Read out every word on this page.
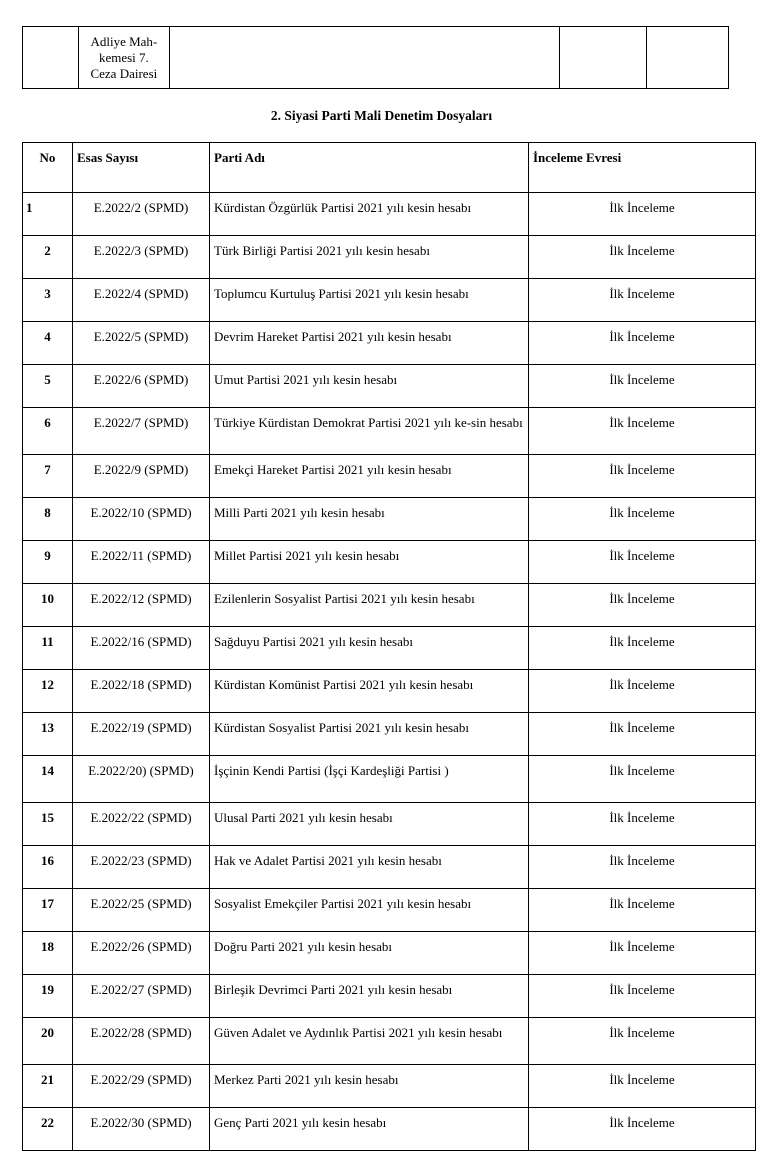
Adliye Mah-
kemesi 7.
Ceza Dairesi

2. Siyasi Parti Mali Denetim Dosyaları
No	Esas Sayısı	Parti Adı	İnceleme Evresi
1	E.2022/2 (SPMD)	Kürdistan Özgürlük Partisi 2021 yılı kesin hesabı	İlk İnceleme
2	E.2022/3 (SPMD)	Türk Birliği Partisi 2021 yılı kesin hesabı	İlk İnceleme
3	E.2022/4 (SPMD)	Toplumcu Kurtuluş Partisi 2021 yılı kesin hesabı	İlk İnceleme
4	E.2022/5 (SPMD)	Devrim Hareket Partisi 2021 yılı kesin hesabı	İlk İnceleme
5	E.2022/6 (SPMD)	Umut Partisi 2021 yılı kesin hesabı	İlk İnceleme
6	E.2022/7 (SPMD)	Türkiye Kürdistan Demokrat Partisi 2021 yılı ke-sin hesabı	İlk İnceleme
7	E.2022/9 (SPMD)	Emekçi Hareket Partisi 2021 yılı kesin hesabı	İlk İnceleme
8	E.2022/10 (SPMD)	Milli Parti 2021 yılı kesin hesabı	İlk İnceleme
9	E.2022/11 (SPMD)	Millet Partisi 2021 yılı kesin hesabı	İlk İnceleme
10	E.2022/12 (SPMD)	Ezilenlerin Sosyalist Partisi 2021 yılı kesin hesabı	İlk İnceleme
11	E.2022/16 (SPMD)	Sağduyu Partisi 2021 yılı kesin hesabı	İlk İnceleme
12	E.2022/18 (SPMD)	Kürdistan Komünist Partisi 2021 yılı kesin hesabı	İlk İnceleme
13	E.2022/19 (SPMD)	Kürdistan Sosyalist Partisi 2021 yılı kesin hesabı	İlk İnceleme
14	E.2022/20) (SPMD)	İşçinin Kendi Partisi (İşçi Kardeşliği Partisi )	İlk İnceleme
15	E.2022/22 (SPMD)	Ulusal Parti 2021 yılı kesin hesabı	İlk İnceleme
16	E.2022/23 (SPMD)	Hak ve Adalet Partisi 2021 yılı kesin hesabı	İlk İnceleme
17	E.2022/25 (SPMD)	Sosyalist Emekçiler Partisi 2021 yılı kesin hesabı	İlk İnceleme
18	E.2022/26 (SPMD)	Doğru Parti 2021 yılı kesin hesabı	İlk İnceleme
19	E.2022/27 (SPMD)	Birleşik Devrimci Parti 2021 yılı kesin hesabı	İlk İnceleme
20	E.2022/28 (SPMD)	Güven Adalet ve Aydınlık Partisi 2021 yılı kesin hesabı	İlk İnceleme
21	E.2022/29 (SPMD)	Merkez Parti 2021 yılı kesin hesabı	İlk İnceleme
22	E.2022/30 (SPMD)	Genç Parti 2021 yılı kesin hesabı	İlk İnceleme
